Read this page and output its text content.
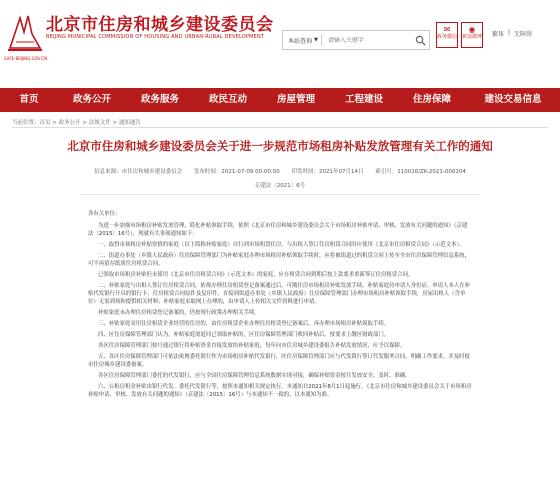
北京市住房和城乡建设委员会
BEIJING MUNICIPAL COMMISSION OF HOUSING AND URBAN-RURAL DEVELOPMENT
SAFE·BEIJING.GOV.CN
本站查询 ▼
请输入关键字
✉
政务微信
◉
新浪微博 繁体 | 无障碍
首页	政务公开	政务服务	政民互动	房屋管理	工程建设	住房保障	建设交易信息
当前位置：首页 > 政务公开 > 法规文件 > 通知通告
北京市住房和城乡建设委员会关于进一步规范市场租房补贴发放管理有关工作的通知
信息来源：市住房和城乡建设委员会 发布时间：2021-07-09 00:00:00 印发时间：2021年07月14日 索引号：110016/ZK-2021-000204
京建法〔2021〕6号

各有关单位：

为进一步加强市场租房补贴发放管理，简化补贴领取手续，依照《北京市住房和城乡建设委员会关于市场租房补贴申请、审核、发放有关问题的通知》（京建法〔2015〕16号），现就有关事项通知如下：

一、取得市场租房补贴资格的家庭（以下简称补贴家庭）自行到市场租赁住房，与出租人签订住房租赁合同时应使用《北京市住房租赁合同》（示范文本）。

二、街道办事处（乡镇人民政府）住房保障管理部门为补贴家庭办理市场租房补贴领取手续时，应将被街道过的租赁合同上传至全市住房保障管理信息系统，可不再留存纸质住房租赁合同。

已领取市场租房补贴但未使用《北京市住房租赁合同》（示范文本）的家庭，应在租赁合同到期后按上款要求重新签订住房租赁合同。

二、补贴家庭与出租人签订住房租赁合同，依规办理住房租赁登记备案通过后，可随住房市场租房补贴发放手续。补贴家庭持申请人身份证、申请人本人在补贴代发银行开具的银行卡、住房租赁合同原件及复印件，直接到街道办事处（乡镇人民政府）住房保障管理部门办理市场租房补贴领取手续，房屋出租人（含单位）无需到场和提供相关材料；补贴家庭采取网上办理的，由申请人上传相关文件资料进行申请。

补贴家庭未办理住房租赁登记备案的，仍按现行政策办理相关手续。

三、补贴家庭采用住房租赁企业经营的住房的，由住房租赁企业办理住房租赁登记备案后，再办理市场租房补贴领取手续。

四、区住房保障管理部门认为，补贴家庭需退回已领取补贴的，区住房保障管理部门收回补贴后，按要求上缴区财政部门。

各区住房保障管理部门按月通过银行将补贴资金直接发放给补贴家庭，每年向市住房城乡建设委报告补贴发放情况，应予以保障。

五、各区住房保障管理部门可依法依规委托银行作为市场租房补贴代发银行，区住房保障管理部门应与代发银行签订代发服务合同，明确工作要求，并及时报市住房城乡建设委备案。

各区住房保障管理部门委托的代发银行，应与全国住房保障管理信息系统数据实现对接，确保补贴资金按月发放安全、及时、准确。

六、公租房租金补贴由银行代发。委托代发银行等，按照本通知相关规定执行。本通知自2021年8月1日起施行。《北京市住房和城乡建设委员会关于市场租房补贴申请、审核、发放有关问题的通知》（京建法〔2015〕16号）与本通知不一致的，以本通知为准。
